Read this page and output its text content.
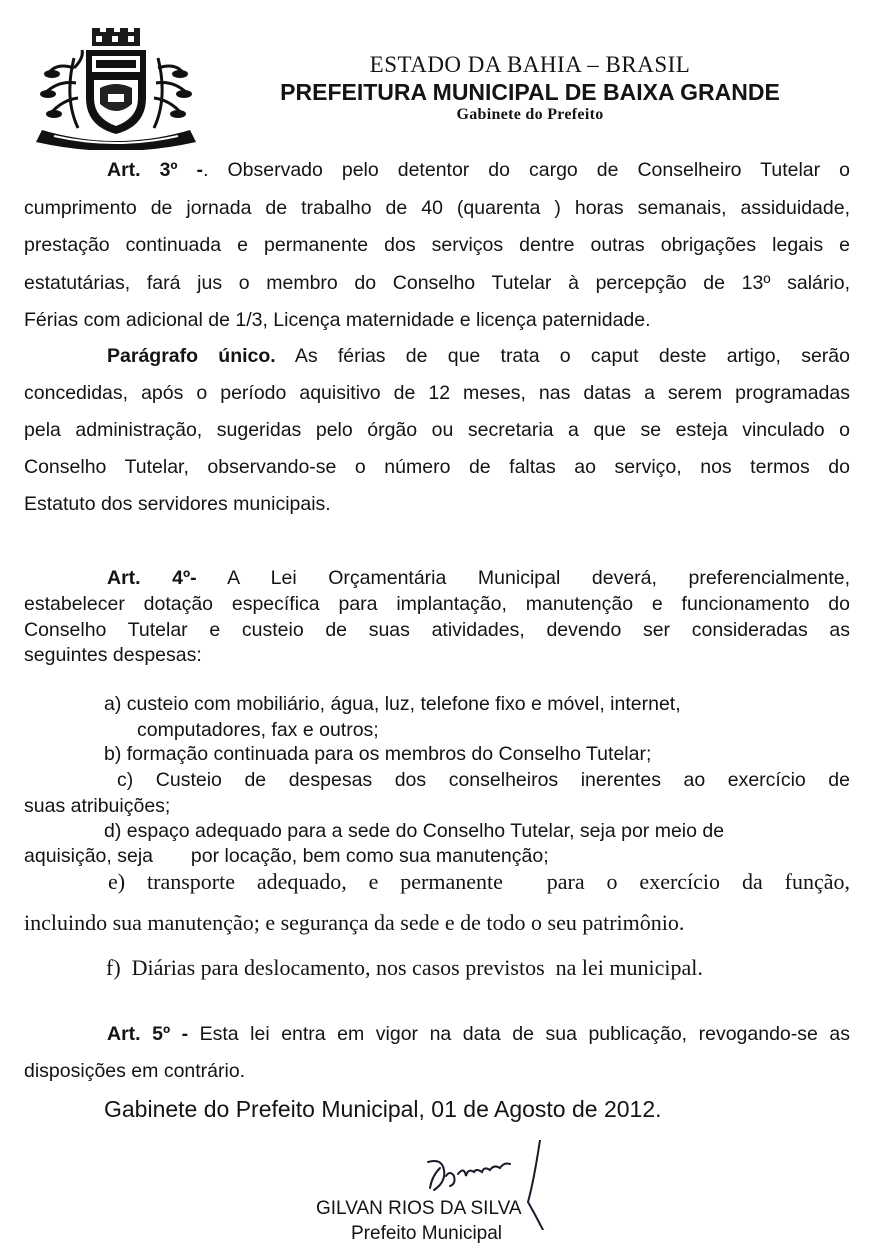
ESTADO DA BAHIA – BRASIL
PREFEITURA MUNICIPAL DE BAIXA GRANDE
Gabinete do Prefeito
Art. 3º -. Observado pelo detentor do cargo de Conselheiro Tutelar o
cumprimento de jornada de trabalho de 40 (quarenta ) horas semanais, assiduidade,
prestação continuada e permanente dos serviços dentre outras obrigações legais e
estatutárias, fará jus o membro do Conselho Tutelar à percepção de 13º salário,
Férias com adicional de 1/3, Licença maternidade e licença paternidade.
Parágrafo único. As férias de que trata o caput deste artigo, serão
concedidas, após o período aquisitivo de 12 meses, nas datas a serem programadas
pela administração, sugeridas pelo órgão ou secretaria a que se esteja vinculado o
Conselho Tutelar, observando-se o número de faltas ao serviço, nos termos do
Estatuto dos servidores municipais.
Art. 4º- A Lei Orçamentária Municipal deverá, preferencialmente,
estabelecer dotação específica para implantação, manutenção e funcionamento do
Conselho Tutelar e custeio de suas atividades, devendo ser consideradas as
seguintes despesas:
a) custeio com mobiliário, água, luz, telefone fixo e móvel, internet,
computadores, fax e outros;
b) formação continuada para os membros do Conselho Tutelar;
c) Custeio de despesas dos conselheiros inerentes ao exercício de
suas atribuições;
d) espaço adequado para a sede do Conselho Tutelar, seja por meio de
aquisição, seja       por locação, bem como sua manutenção;
e)  transporte  adequado,  e  permanente    para  o  exercício  da  função,
incluindo sua manutenção; e segurança da sede e de todo o seu patrimônio.
f)  Diárias para deslocamento, nos casos previstos  na lei municipal.
Art. 5º - Esta lei entra em vigor na data de sua publicação, revogando-se as
disposições em contrário.
Gabinete do Prefeito Municipal, 01 de Agosto de 2012.
GILVAN RIOS DA SILVA
Prefeito Municipal
